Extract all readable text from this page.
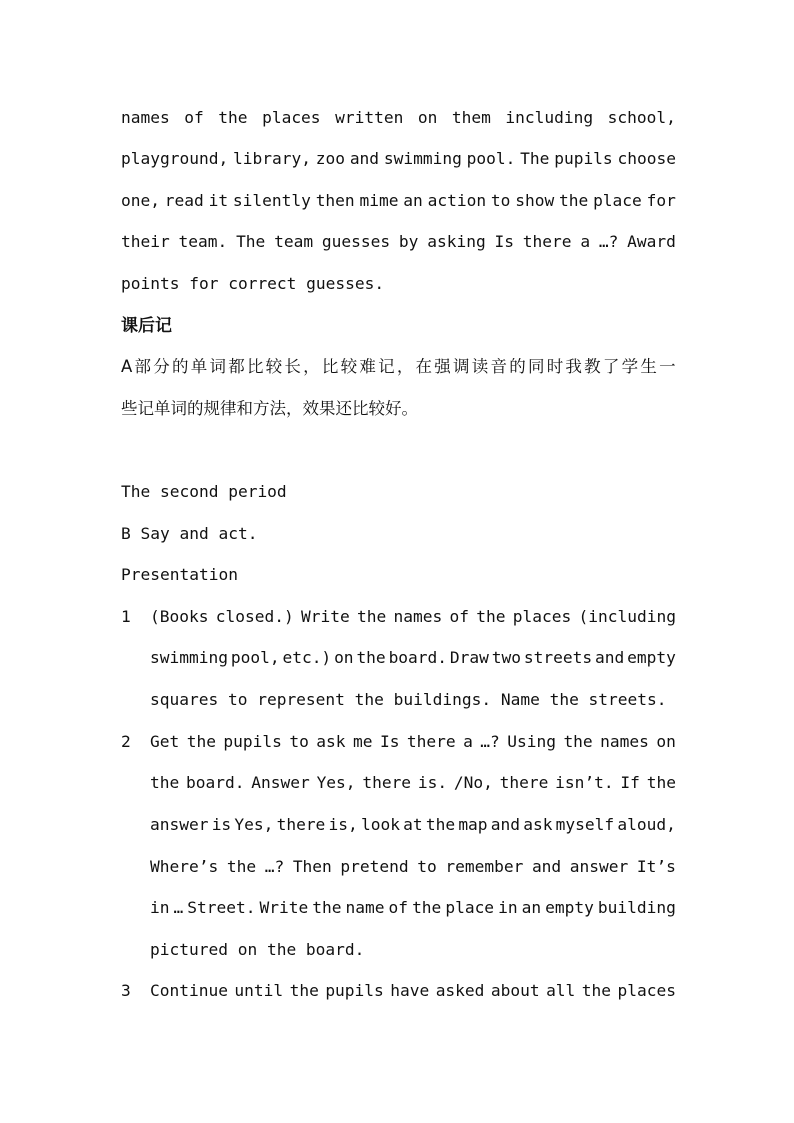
names of the places written on them including school,
playground, library, zoo and swimming pool. The pupils choose
one, read it silently then mime an action to show the place for
their team. The team guesses by asking Is there a …? Award
points for correct guesses.
课后记
A 部 分 的 单 词 都 比 较 长 ， 比 较 难 记 ， 在 强 调 读 音 的 同 时 我 教 了 学 生 一
些记单词的规律和方法，效果还比较好。
The second period
B Say and act.
Presentation
1 (Books closed.) Write the names of the places (including
swimming pool, etc.) on the board. Draw two streets and empty
squares to represent the buildings. Name the streets.
2 Get the pupils to ask me Is there a …? Using the names on
the board. Answer Yes, there is. /No, there isn’t. If the
answer is Yes, there is, look at the map and ask myself aloud,
Where’s the …? Then pretend to remember and answer It’s
in … Street. Write the name of the place in an empty building
pictured on the board.
3 Continue until the pupils have asked about all the places
